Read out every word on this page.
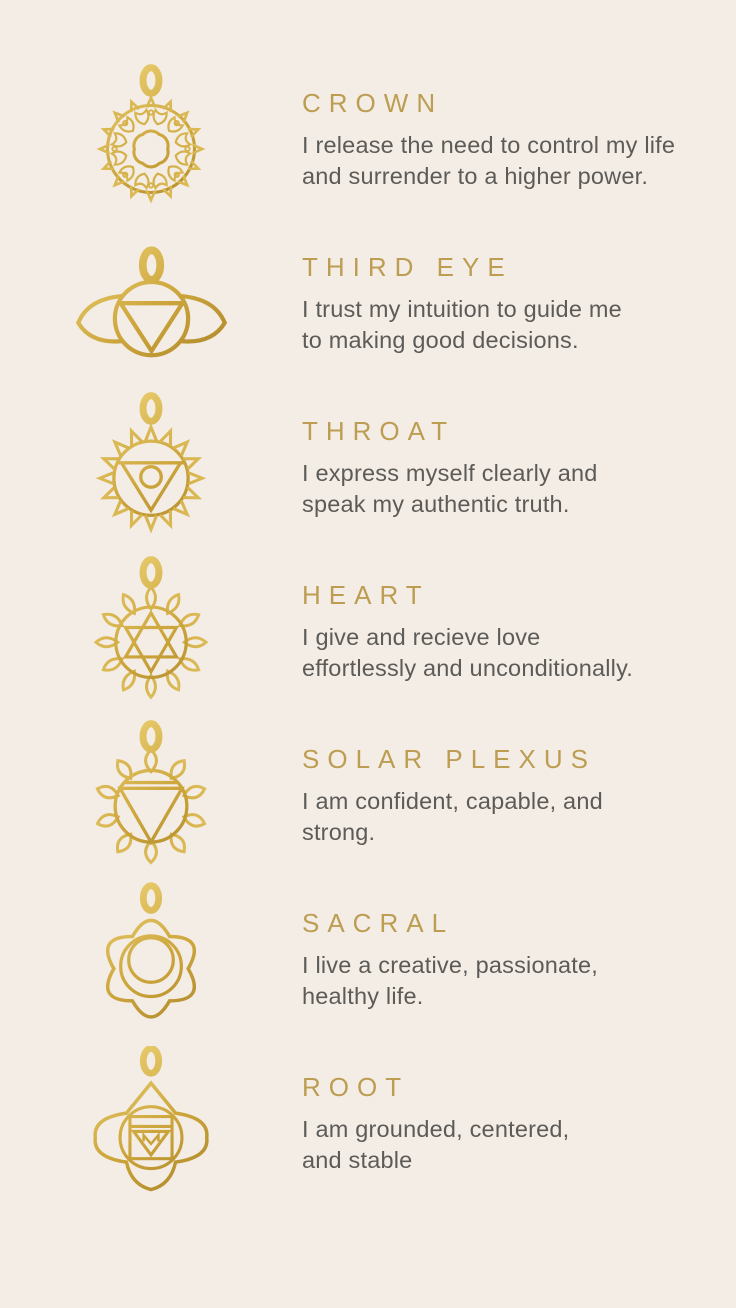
CROWN
I release the need to control my life
and surrender to a higher power.
THIRD EYE
I trust my intuition to guide me
to making good decisions.
THROAT
I express myself clearly and
speak my authentic truth.
HEART
I give and recieve love
effortlessly and unconditionally.
SOLAR PLEXUS
I am confident, capable, and
strong.
SACRAL
I live a creative, passionate,
healthy life.
ROOT
I am grounded, centered,
and stable
